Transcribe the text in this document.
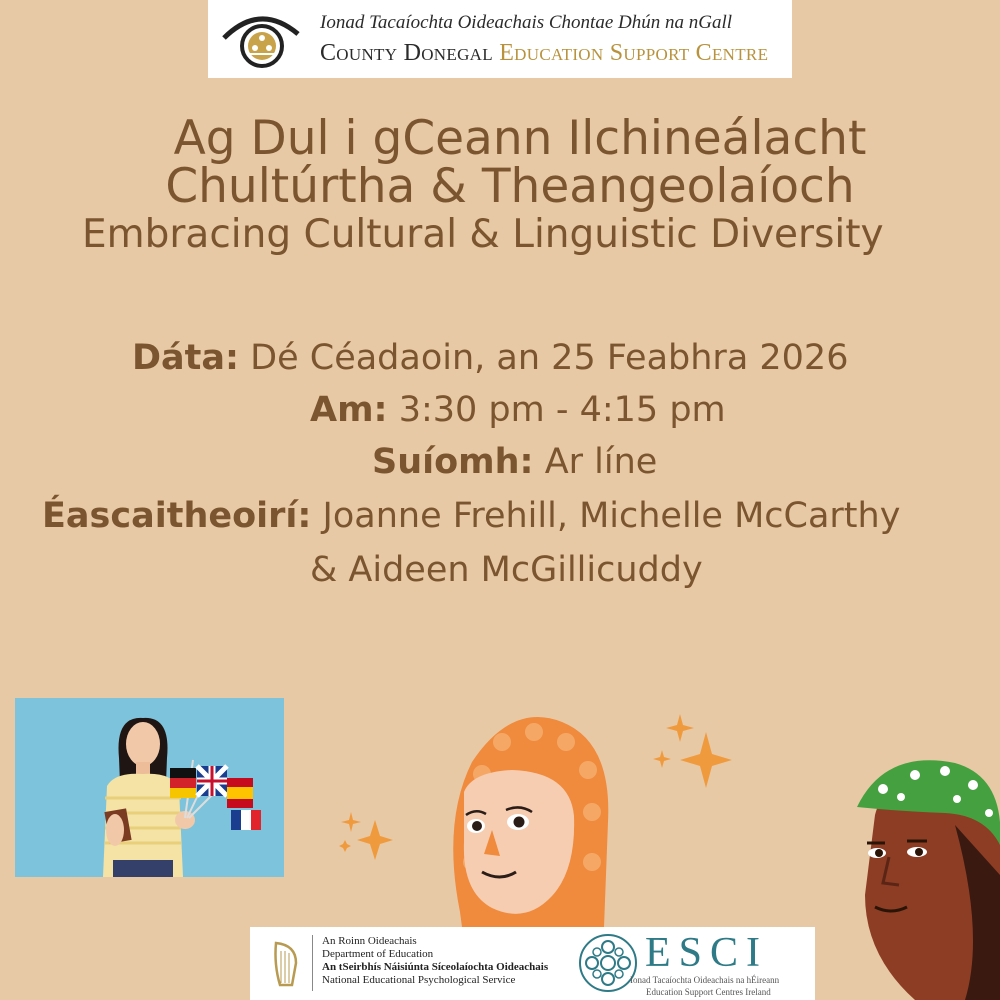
Ionad Tacaíochta Oideachais Chontae Dhún na nGall
County Donegal Education Support Centre
Ag Dul i gCeann Ilchineálacht
Chultúrtha & Theangeolaíoch
Embracing Cultural & Linguistic Diversity
Dáta: Dé Céadaoin, an 25 Feabhra 2026
Am: 3:30 pm - 4:15 pm
Suíomh: Ar líne
Éascaitheoirí: Joanne Frehill, Michelle McCarthy
& Aideen McGillicuddy
An Roinn Oideachais
Department of Education
An tSeirbhís Náisiúnta Síceolaíochta Oideachais
National Educational Psychological Service
ESCI
Ionad Tacaíochta Oideachais na hÉireann
Education Support Centres Ireland
